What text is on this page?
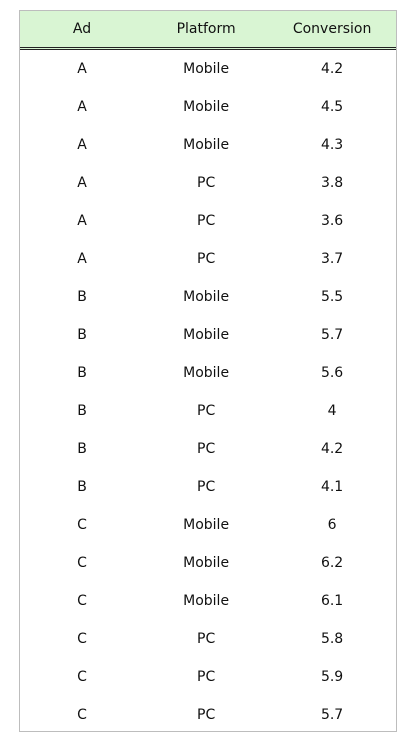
Ad	Platform	Conversion
A	Mobile	4.2
A	Mobile	4.5
A	Mobile	4.3
A	PC	3.8
A	PC	3.6
A	PC	3.7
B	Mobile	5.5
B	Mobile	5.7
B	Mobile	5.6
B	PC	4
B	PC	4.2
B	PC	4.1
C	Mobile	6
C	Mobile	6.2
C	Mobile	6.1
C	PC	5.8
C	PC	5.9
C	PC	5.7
